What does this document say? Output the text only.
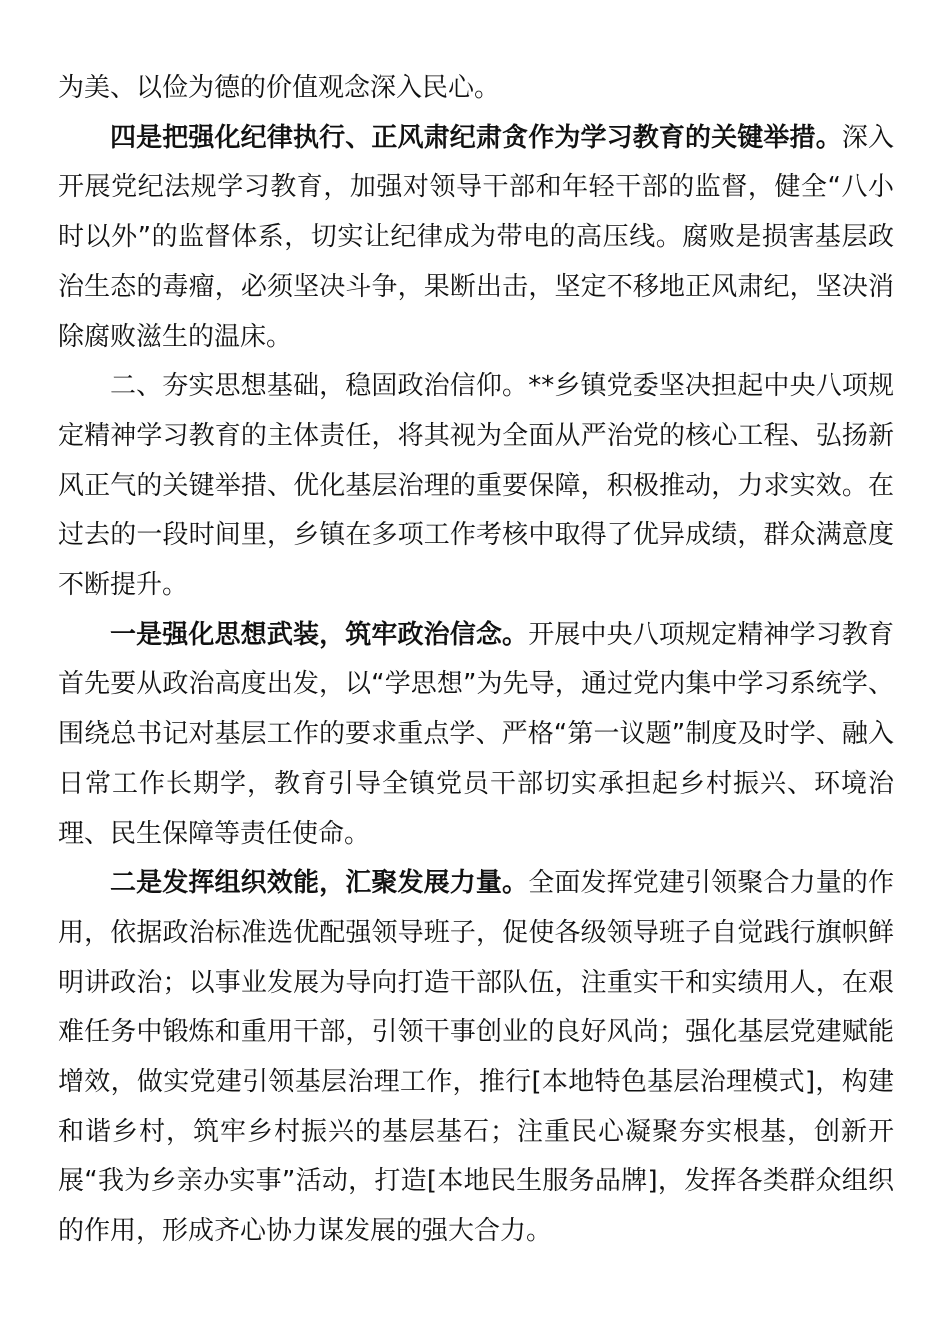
为美、以俭为德的价值观念深入民心。

四是把强化纪律执行、正风肃纪肃贪作为学习教育的关键举措。深入开展党纪法规学习教育，加强对领导干部和年轻干部的监督，健全“八小时以外”的监督体系，切实让纪律成为带电的高压线。腐败是损害基层政治生态的毒瘤，必须坚决斗争，果断出击，坚定不移地正风肃纪，坚决消除腐败滋生的温床。

二、夯实思想基础，稳固政治信仰。**乡镇党委坚决担起中央八项规定精神学习教育的主体责任，将其视为全面从严治党的核心工程、弘扬新风正气的关键举措、优化基层治理的重要保障，积极推动，力求实效。在过去的一段时间里，乡镇在多项工作考核中取得了优异成绩，群众满意度不断提升。

一是强化思想武装，筑牢政治信念。开展中央八项规定精神学习教育首先要从政治高度出发，以“学思想”为先导，通过党内集中学习系统学、围绕总书记对基层工作的要求重点学、严格“第一议题”制度及时学、融入日常工作长期学，教育引导全镇党员干部切实承担起乡村振兴、环境治理、民生保障等责任使命。

二是发挥组织效能，汇聚发展力量。全面发挥党建引领聚合力量的作用，依据政治标准选优配强领导班子，促使各级领导班子自觉践行旗帜鲜明讲政治；以事业发展为导向打造干部队伍，注重实干和实绩用人，在艰难任务中锻炼和重用干部，引领干事创业的良好风尚；强化基层党建赋能增效，做实党建引领基层治理工作，推行[本地特色基层治理模式]，构建和谐乡村，筑牢乡村振兴的基层基石；注重民心凝聚夯实根基，创新开展“我为乡亲办实事”活动，打造[本地民生服务品牌]，发挥各类群众组织的作用，形成齐心协力谋发展的强大合力。
